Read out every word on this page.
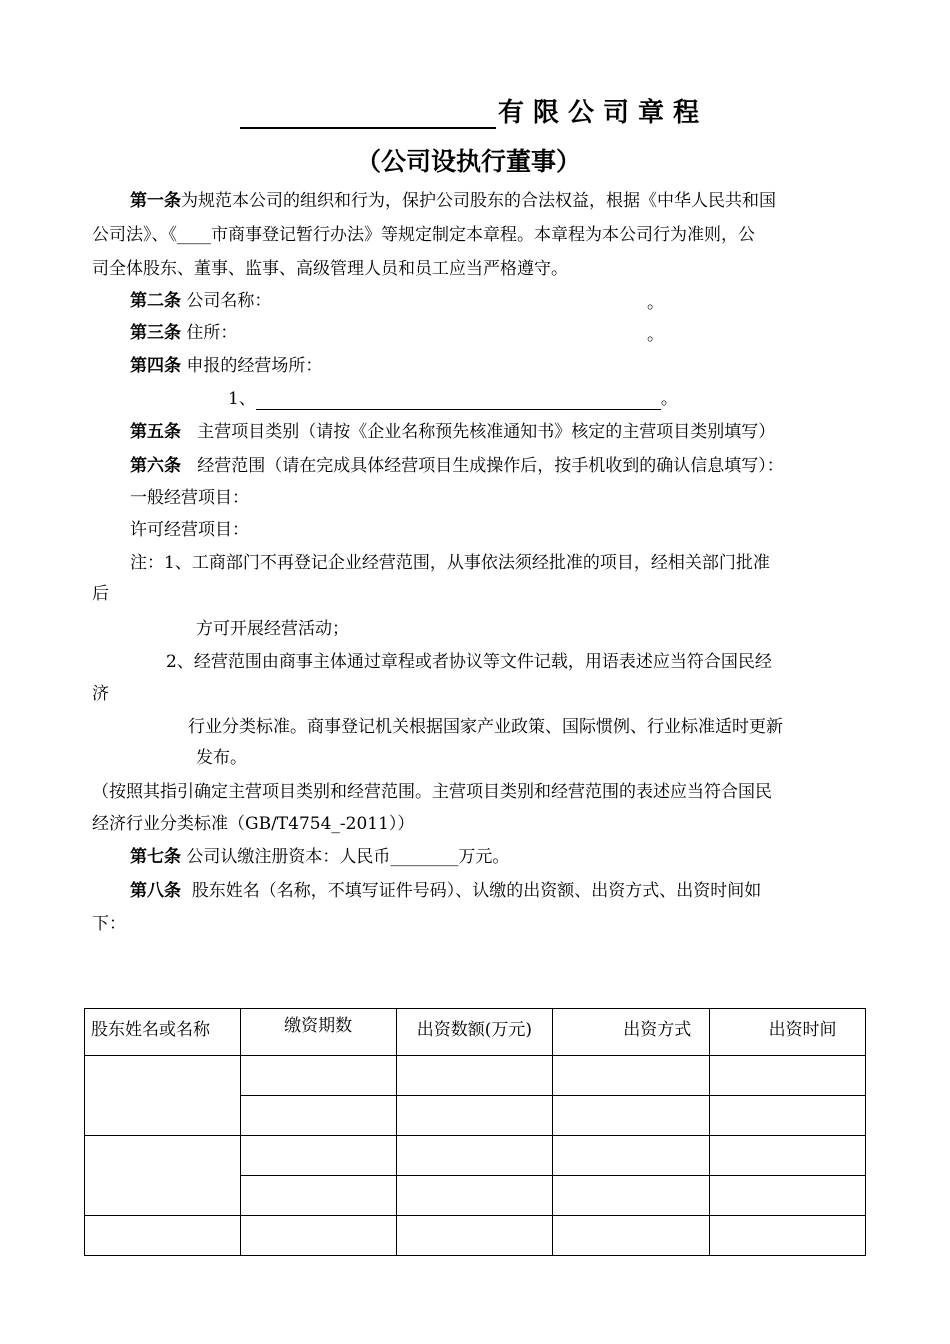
有限公司章程
（公司设执行董事）
第一条为规范本公司的组织和行为，保护公司股东的合法权益，根据《中华人民共和国
公司法》、《____市商事登记暂行办法》等规定制定本章程。本章程为本公司行为准则，公
司全体股东、董事、监事、高级管理人员和员工应当严格遵守。
第二条 公司名称：	。
第三条 住所：	。
第四条 申报的经营场所：
1、	。
第五条 主营项目类别（请按《企业名称预先核准通知书》核定的主营项目类别填写）
第六条 经营范围（请在完成具体经营项目生成操作后，按手机收到的确认信息填写）：
一般经营项目：
许可经营项目：
注：1、工商部门不再登记企业经营范围，从事依法须经批准的项目，经相关部门批准
后
方可开展经营活动；
2、经营范围由商事主体通过章程或者协议等文件记载，用语表述应当符合国民经
济
行业分类标准。商事登记机关根据国家产业政策、国际惯例、行业标准适时更新
发布。
（按照其指引确定主营项目类别和经营范围。主营项目类别和经营范围的表述应当符合国民
经济行业分类标准（GB/T4754_-2011））
第七条 公司认缴注册资本：人民币________万元。
第八条 股东姓名（名称，不填写证件号码）、认缴的出资额、出资方式、出资时间如
下：
股东姓名或名称	缴资期数	出资数额(万元)	出资方式	出资时间
